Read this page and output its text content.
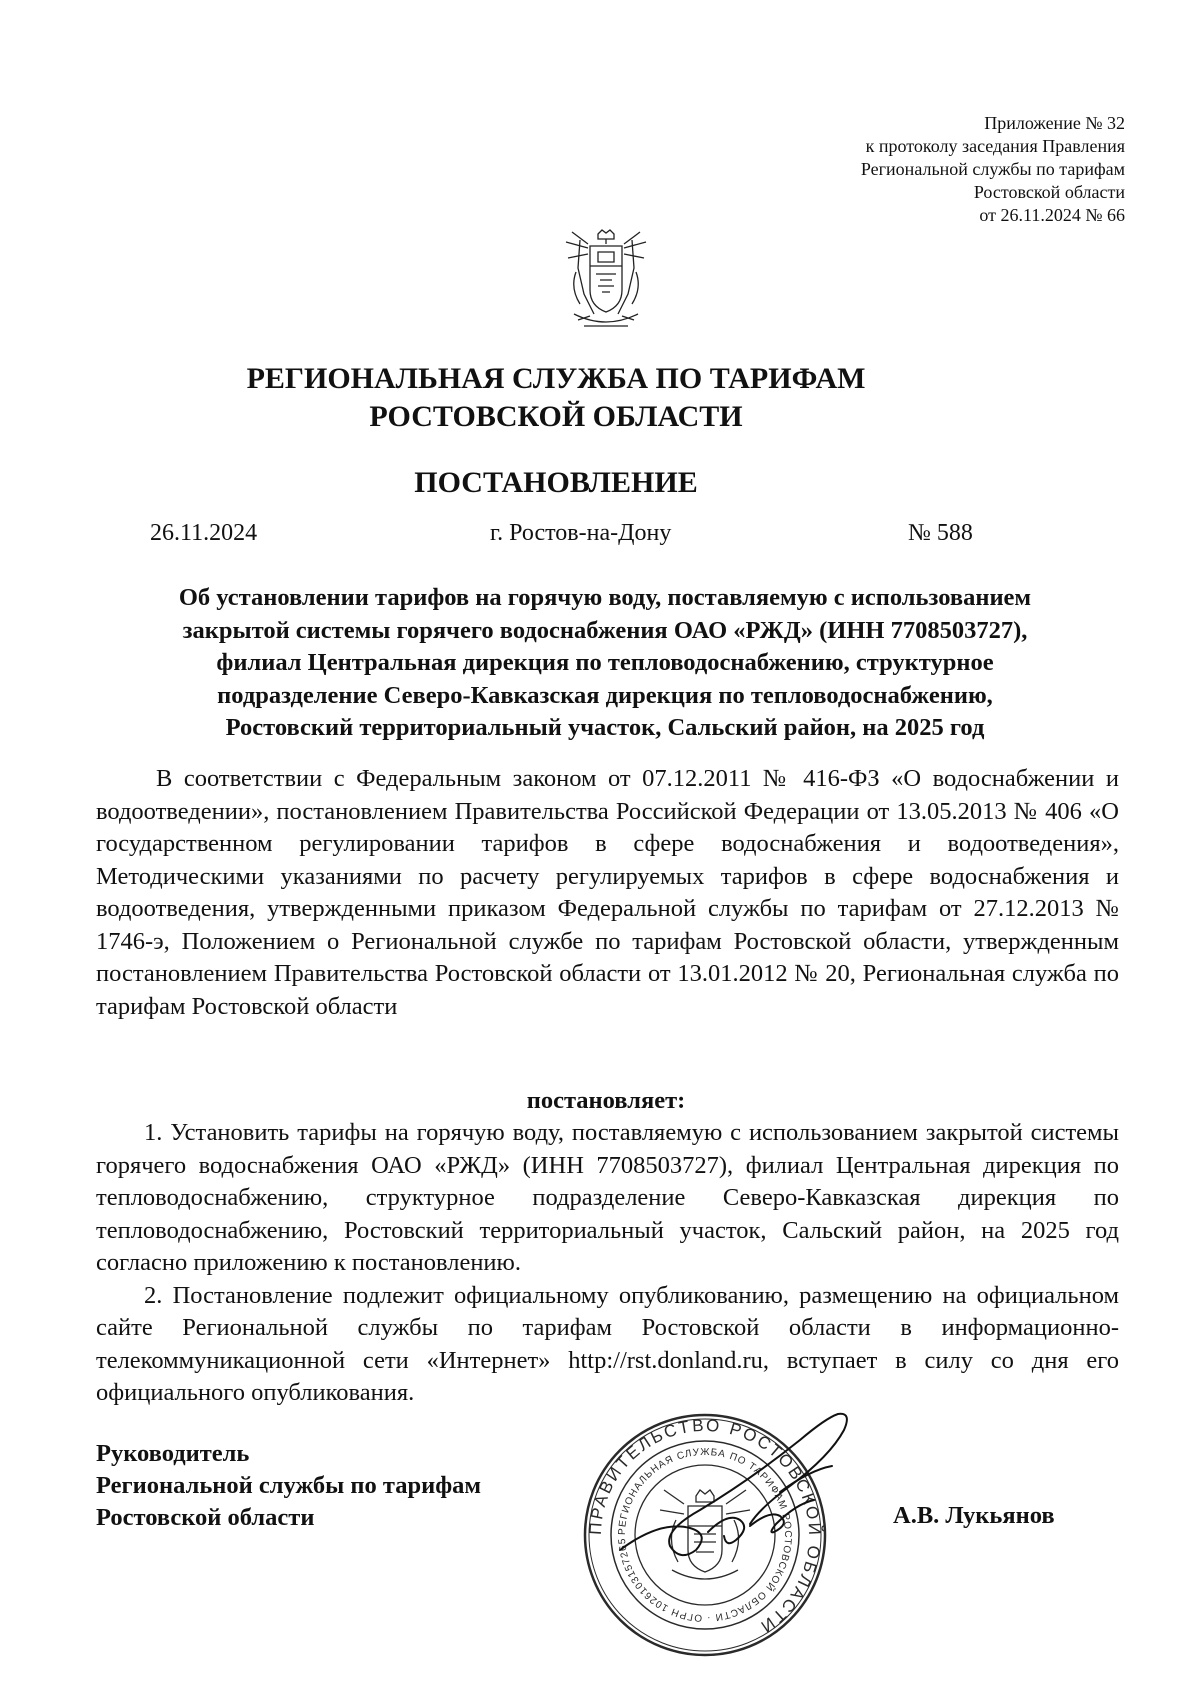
Приложение № 32
к протоколу заседания Правления
Региональной службы по тарифам
Ростовской области
от 26.11.2024 № 66
РЕГИОНАЛЬНАЯ СЛУЖБА ПО ТАРИФАМ
РОСТОВСКОЙ ОБЛАСТИ
ПОСТАНОВЛЕНИЕ
26.11.2024	г. Ростов-на-Дону	№ 588
Об установлении тарифов на горячую воду, поставляемую с использованием
закрытой системы горячего водоснабжения ОАО «РЖД» (ИНН 7708503727),
филиал Центральная дирекция по тепловодоснабжению, структурное
подразделение Северо-Кавказская дирекция по тепловодоснабжению,
Ростовский территориальный участок, Сальский район, на 2025 год

В соответствии с Федеральным законом от 07.12.2011 № 416-ФЗ «О водоснабжении и водоотведении», постановлением Правительства Российской Федерации от 13.05.2013 № 406 «О государственном регулировании тарифов в сфере водоснабжения и водоотведения», Методическими указаниями по расчету регулируемых тарифов в сфере водоснабжения и водоотведения, утвержденными приказом Федеральной службы по тарифам от 27.12.2013 № 1746-э, Положением о Региональной службе по тарифам Ростовской области, утвержденным постановлением Правительства Ростовской области от 13.01.2012 № 20, Региональная служба по тарифам Ростовской области

постановляет:

1. Установить тарифы на горячую воду, поставляемую с использованием закрытой системы горячего водоснабжения ОАО «РЖД» (ИНН 7708503727), филиал Центральная дирекция по тепловодоснабжению, структурное подразделение Северо-Кавказская дирекция по тепловодоснабжению, Ростовский территориальный участок, Сальский район, на 2025 год согласно приложению к постановлению.

2. Постановление подлежит официальному опубликованию, размещению на официальном сайте Региональной службы по тарифам Ростовской области в информационно-телекоммуникационной сети «Интернет» http://rst.donland.ru, вступает в силу со дня его официального опубликования.

Руководитель
Региональной службы по тарифам
Ростовской области	ПРАВИТЕЛЬСТВО РОСТОВСКОЙ ОБЛАСТИ
РЕГИОНАЛЬНАЯ СЛУЖБА ПО ТАРИФАМ РОСТОВСКОЙ ОБЛАСТИ · ОГРН 1026103157265
А.В. Лукьянов
